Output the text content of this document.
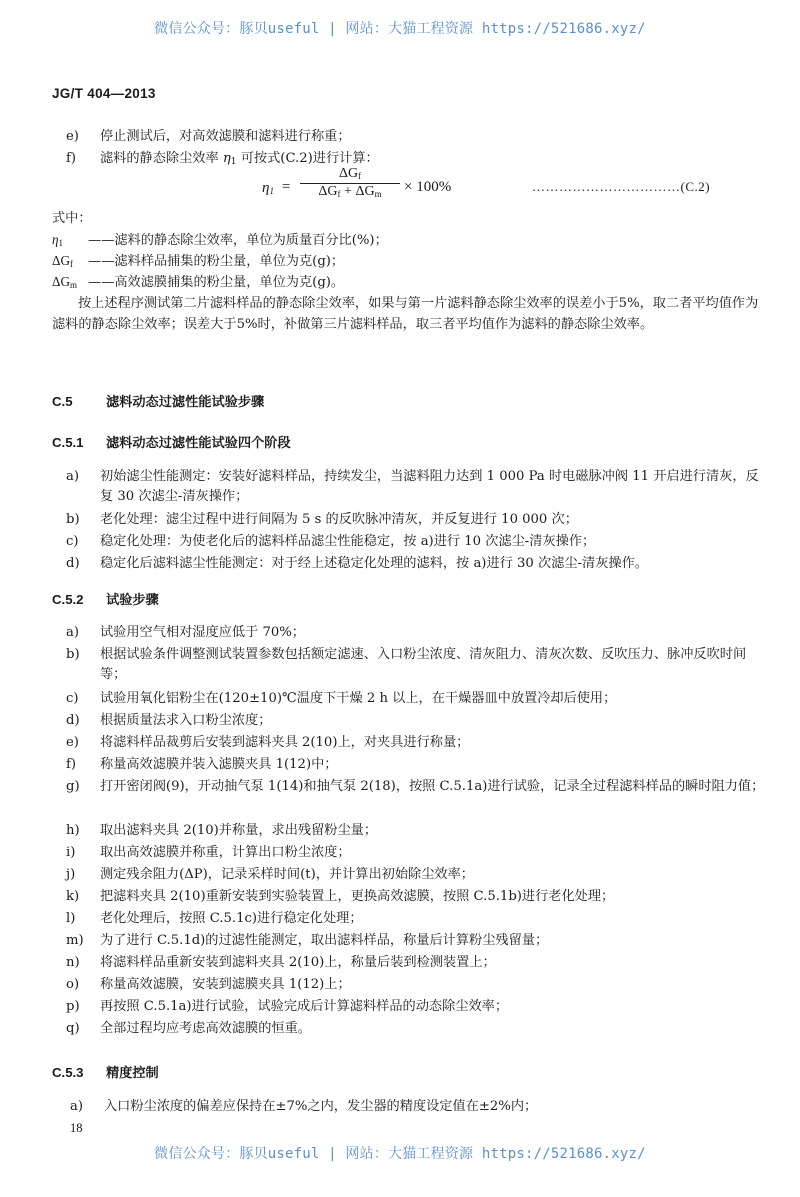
微信公众号：豚贝useful | 网站：大猫工程资源 https://521686.xyz/
JG/T 404—2013
e)	停止测试后，对高效滤膜和滤料进行称重；
f)	滤料的静态除尘效率 $\eta_1$ 可按式(C.2)进行计算：
$\eta_1$ =
$\Delta G_f$
$\Delta G_f + \Delta G_m$	× 100%	……………………………(C.2)
式中：
$\eta_1$ ——滤料的静态除尘效率，单位为质量百分比(%)；
$\Delta G_f$ ——滤料样品捕集的粉尘量，单位为克(g)；
$\Delta G_m$ ——高效滤膜捕集的粉尘量，单位为克(g)。
按上述程序测试第二片滤料样品的静态除尘效率，如果与第一片滤料静态除尘效率的误差小于5%，取二者平均值作为滤料的静态除尘效率；误差大于5%时，补做第三片滤料样品，取三者平均值作为滤料的静态除尘效率。
C.5	滤料动态过滤性能试验步骤
C.5.1 滤料动态过滤性能试验四个阶段
a)	初始滤尘性能测定：安装好滤料样品，持续发尘，当滤料阻力达到 1 000 Pa 时电磁脉冲阀 11 开启进行清灰，反复 30 次滤尘-清灰操作；
b)	老化处理：滤尘过程中进行间隔为 5 s 的反吹脉冲清灰，并反复进行 10 000 次；
c)	稳定化处理：为使老化后的滤料样品滤尘性能稳定，按 a)进行 10 次滤尘-清灰操作；
d)	稳定化后滤料滤尘性能测定：对于经上述稳定化处理的滤料，按 a)进行 30 次滤尘-清灰操作。
C.5.2 试验步骤
a)	试验用空气相对湿度应低于 70%；
b)	根据试验条件调整测试装置参数包括额定滤速、入口粉尘浓度、清灰阻力、清灰次数、反吹压力、脉冲反吹时间等；
c)	试验用氧化铝粉尘在(120±10)℃温度下干燥 2 h 以上，在干燥器皿中放置冷却后使用；
d)	根据质量法求入口粉尘浓度；
e)	将滤料样品裁剪后安装到滤料夹具 2(10)上，对夹具进行称量；
f)	称量高效滤膜并装入滤膜夹具 1(12)中；
g)	打开密闭阀(9)，开动抽气泵 1(14)和抽气泵 2(18)，按照 C.5.1a)进行试验，记录全过程滤料样品的瞬时阻力值；
h)	取出滤料夹具 2(10)并称量，求出残留粉尘量；
i)	取出高效滤膜并称重，计算出口粉尘浓度；
j)	测定残余阻力(ΔP)，记录采样时间(t)，并计算出初始除尘效率；
k)	把滤料夹具 2(10)重新安装到实验装置上，更换高效滤膜，按照 C.5.1b)进行老化处理；
l)	老化处理后，按照 C.5.1c)进行稳定化处理；
m)	为了进行 C.5.1d)的过滤性能测定，取出滤料样品，称量后计算粉尘残留量；
n)	将滤料样品重新安装到滤料夹具 2(10)上，称量后装到检测装置上；
o)	称量高效滤膜，安装到滤膜夹具 1(12)上；
p)	再按照 C.5.1a)进行试验，试验完成后计算滤料样品的动态除尘效率；
q)	全部过程均应考虑高效滤膜的恒重。
C.5.3 精度控制
a)	入口粉尘浓度的偏差应保持在±7%之内，发尘器的精度设定值在±2%内；
18
微信公众号：豚贝useful | 网站：大猫工程资源 https://521686.xyz/
